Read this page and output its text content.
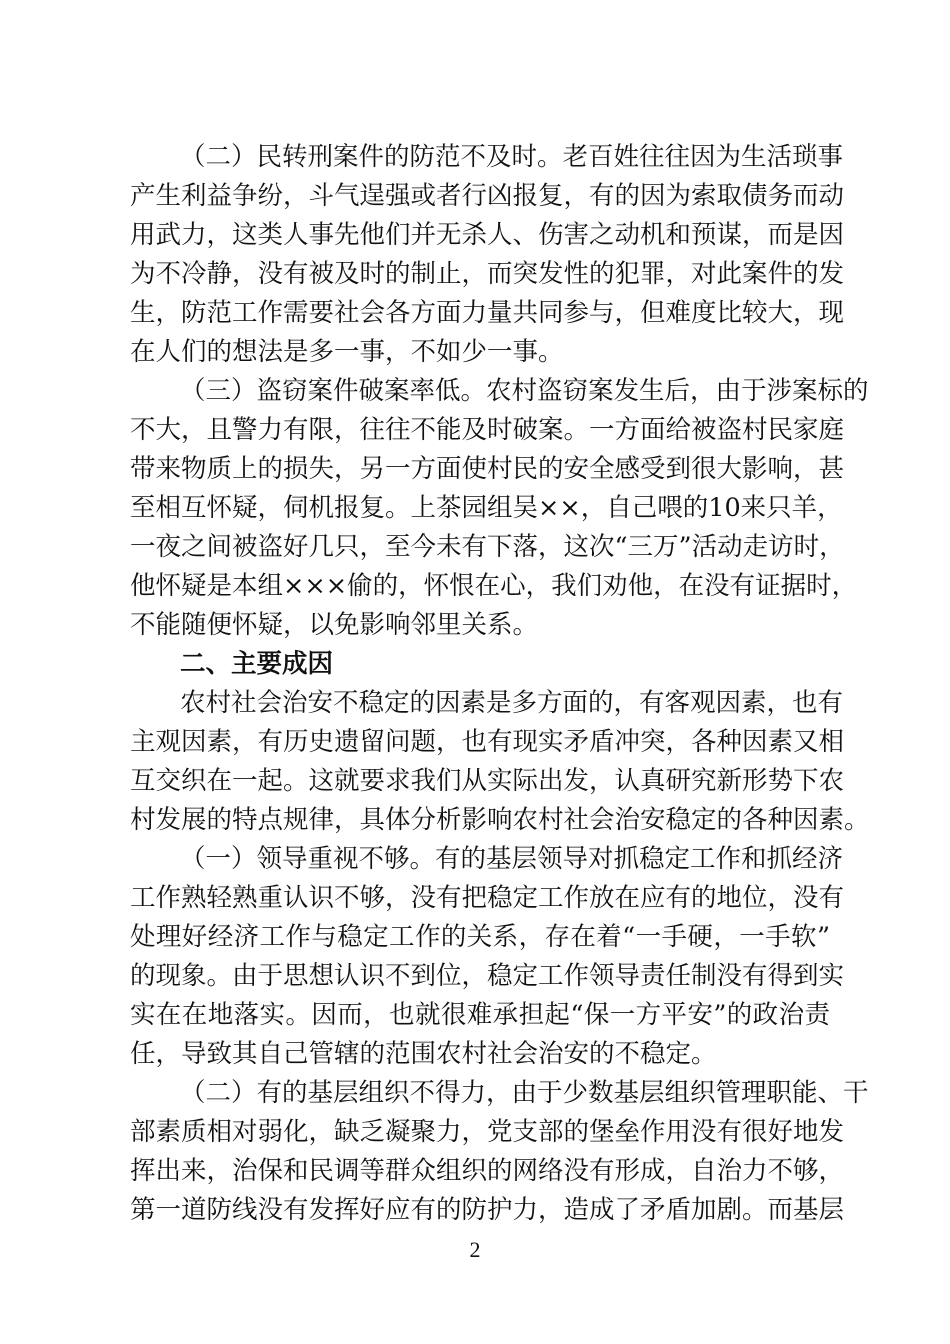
（二）民转刑案件的防范不及时。老百姓往往因为生活琐事
产生利益争纷，斗气逞强或者行凶报复，有的因为索取债务而动
用武力，这类人事先他们并无杀人、伤害之动机和预谋，而是因
为不冷静，没有被及时的制止，而突发性的犯罪，对此案件的发
生，防范工作需要社会各方面力量共同参与，但难度比较大，现
在人们的想法是多一事，不如少一事。
（三）盗窃案件破案率低。农村盗窃案发生后，由于涉案标的
不大，且警力有限，往往不能及时破案。一方面给被盗村民家庭
带来物质上的损失，另一方面使村民的安全感受到很大影响，甚
至相互怀疑，伺机报复。上茶园组吴××，自己喂的10来只羊，
一夜之间被盗好几只，至今未有下落，这次“三万”活动走访时，
他怀疑是本组×××偷的，怀恨在心，我们劝他，在没有证据时，
不能随便怀疑，以免影响邻里关系。
二、主要成因
农村社会治安不稳定的因素是多方面的，有客观因素，也有
主观因素，有历史遗留问题，也有现实矛盾冲突，各种因素又相
互交织在一起。这就要求我们从实际出发，认真研究新形势下农
村发展的特点规律，具体分析影响农村社会治安稳定的各种因素。
（一）领导重视不够。有的基层领导对抓稳定工作和抓经济
工作熟轻熟重认识不够，没有把稳定工作放在应有的地位，没有
处理好经济工作与稳定工作的关系，存在着“一手硬，一手软”
的现象。由于思想认识不到位，稳定工作领导责任制没有得到实
实在在地落实。因而，也就很难承担起“保一方平安”的政治责
任，导致其自己管辖的范围农村社会治安的不稳定。
（二）有的基层组织不得力，由于少数基层组织管理职能、干
部素质相对弱化，缺乏凝聚力，党支部的堡垒作用没有很好地发
挥出来，治保和民调等群众组织的网络没有形成，自治力不够，
第一道防线没有发挥好应有的防护力，造成了矛盾加剧。而基层
2
